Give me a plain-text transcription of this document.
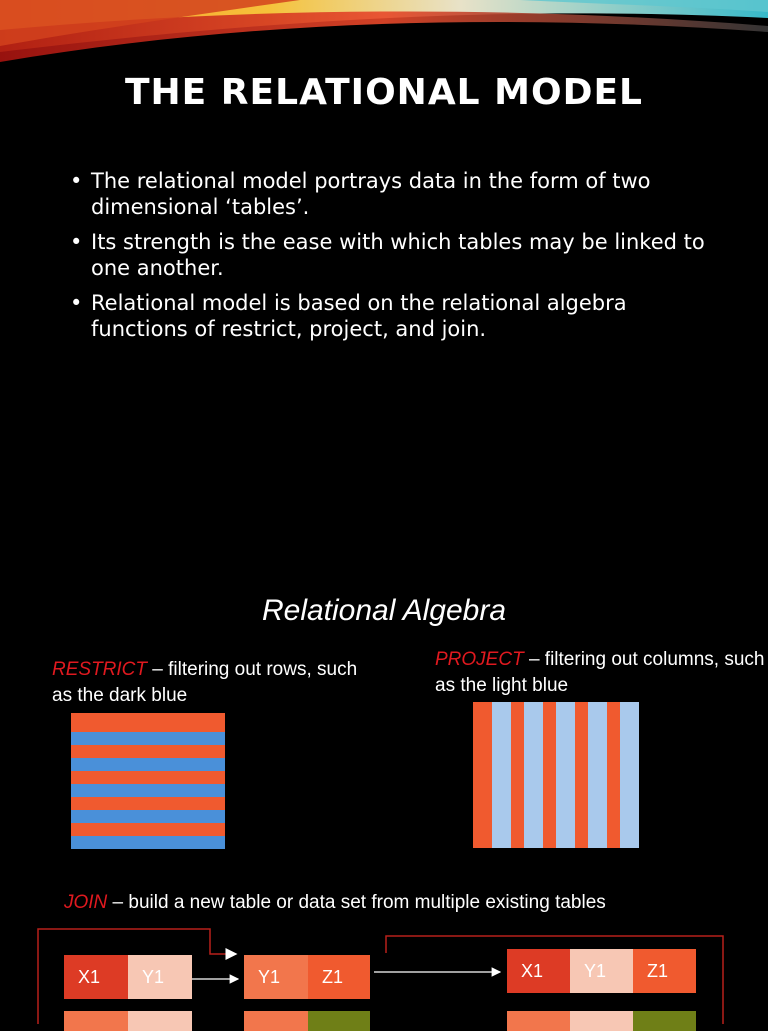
THE RELATIONAL MODEL
• The relational model portrays data in the form of two dimensional ‘tables’.
• Its strength is the ease with which tables may be linked to one another.
• Relational model is based on the relational algebra functions of restrict, project, and join.
Relational Algebra
RESTRICT – filtering out rows, such as the dark blue
PROJECT – filtering out columns, such as the light blue
JOIN – build a new table or data set from multiple existing tables
X1	Y1	Y1	Z1	X1	Y1	Z1
